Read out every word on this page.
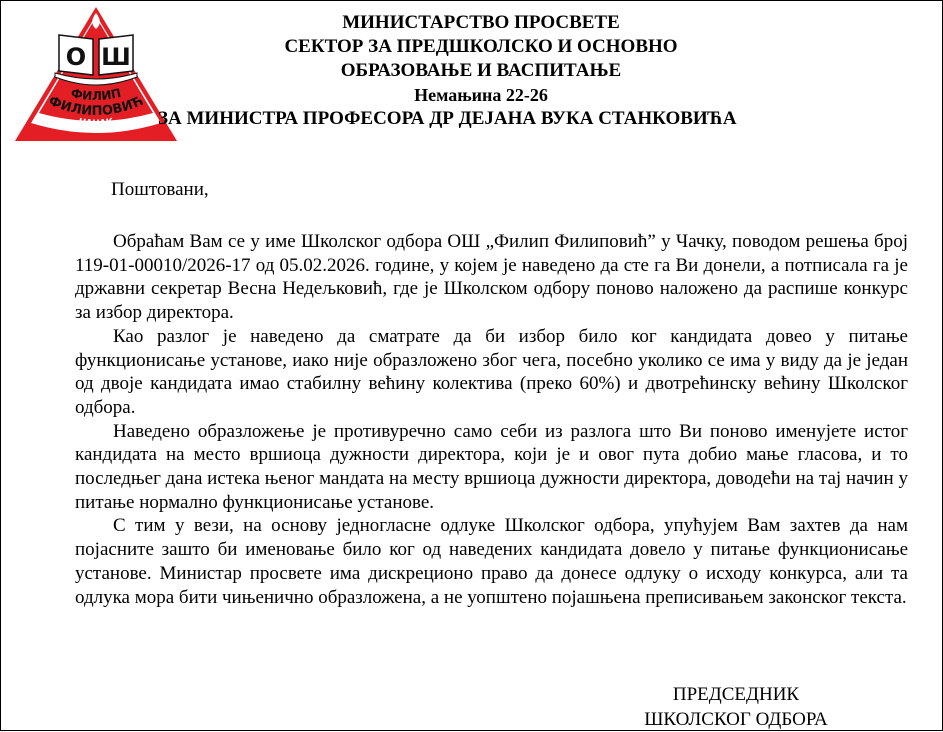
О Ш
ФИЛИП
ФИЛИПОВИЋ
ЧАЧАК
МИНИСТАРСТВО ПРОСВЕТЕ
СЕКТОР ЗА ПРЕДШКОЛСКО И ОСНОВНО
ОБРАЗОВАЊЕ И ВАСПИТАЊЕ
Немањина 22-26
ЗА МИНИСТРА ПРОФЕСОРА ДР ДЕЈАНА ВУКА СТАНКОВИЋА
Поштовани,

Обраћам Вам се у име Школског одбора ОШ „Филип Филиповић” у Чачку, поводом решења број 119-01-00010/2026-17 од 05.02.2026. године, у којем је наведено да сте га Ви донели, а потписала га је државни секретар Весна Недељковић, где је Школском одбору поново наложено да распише конкурс за избор директора.

Као разлог је наведено да сматрате да би избор било ког кандидата довео у питање функционисање установе, иако није образложено због чега, посебно уколико се има у виду да је један од двоје кандидата имао стабилну већину колектива (преко 60%) и двотрећинску већину Школског одбора.

Наведено образложење је противуречно само себи из разлога што Ви поново именујете истог кандидата на место вршиоца дужности директора, који је и овог пута добио мање гласова, и то последњег дана истека њеног мандата на месту вршиоца дужности директора, доводећи на тај начин у питање нормално функционисање установе.

С тим у вези, на основу једногласне одлуке Школског одбора, упућујем Вам захтев да нам појасните зашто би именовање било ког од наведених кандидата довело у питање функционисање установе. Министар просвете има дискреционо право да донесе одлуку о исходу конкурса, али та одлука мора бити чињенично образложена, а не уопштено појашњена преписивањем законског текста.

ПРЕДСЕДНИК
ШКОЛСКОГ ОДБОРА
